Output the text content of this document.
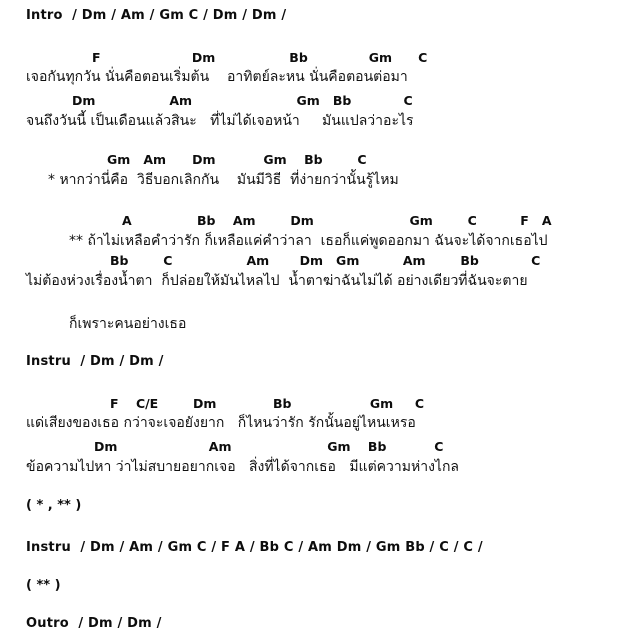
Intro  / Dm / Am / Gm C / Dm / Dm /
F                     Dm                 Bb              Gm      C
เจอกันทุกวัน นั่นคือตอนเริ่มต้น    อาทิตย์ละหน นั่นคือตอนต่อมา
Dm                 Am                        Gm   Bb            C
จนถึงวันนี้ เป็นเดือนแล้วสินะ   ที่ไม่ได้เจอหน้า     มันแปลว่าอะไร
Gm   Am      Dm           Gm    Bb        C
* หากว่านี่คือ  วิธีบอกเลิกกัน    มันมีวิธี  ที่ง่ายกว่านั้นรู้ไหม
A               Bb    Am        Dm                      Gm        C          F   A
** ถ้าไม่เหลือคำว่ารัก ก็เหลือแค่คำว่าลา  เธอก็แค่พูดออกมา ฉันจะได้จากเธอไป
Bb        C                 Am       Dm   Gm          Am        Bb            C
ไม่ต้องห่วงเรื่องน้ำตา  ก็ปล่อยให้มันไหลไป  น้ำตาฆ่าฉันไม่ได้ อย่างเดียวที่ฉันจะตาย
ก็เพราะคนอย่างเธอ
Instru  / Dm / Dm /
F    C/E        Dm             Bb                  Gm     C
แด่เสียงของเธอ กว่าจะเจอยังยาก   ก็ไหนว่ารัก รักนั้นอยู่ไหนเหรอ
Dm                     Am                      Gm    Bb           C
ข้อความไปหา ว่าไม่สบายอยากเจอ   สิ่งที่ได้จากเธอ   มีแต่ความห่างไกล
( * , ** )
Instru  / Dm / Am / Gm C / F A / Bb C / Am Dm / Gm Bb / C / C /
( ** )
Outro  / Dm / Dm /
